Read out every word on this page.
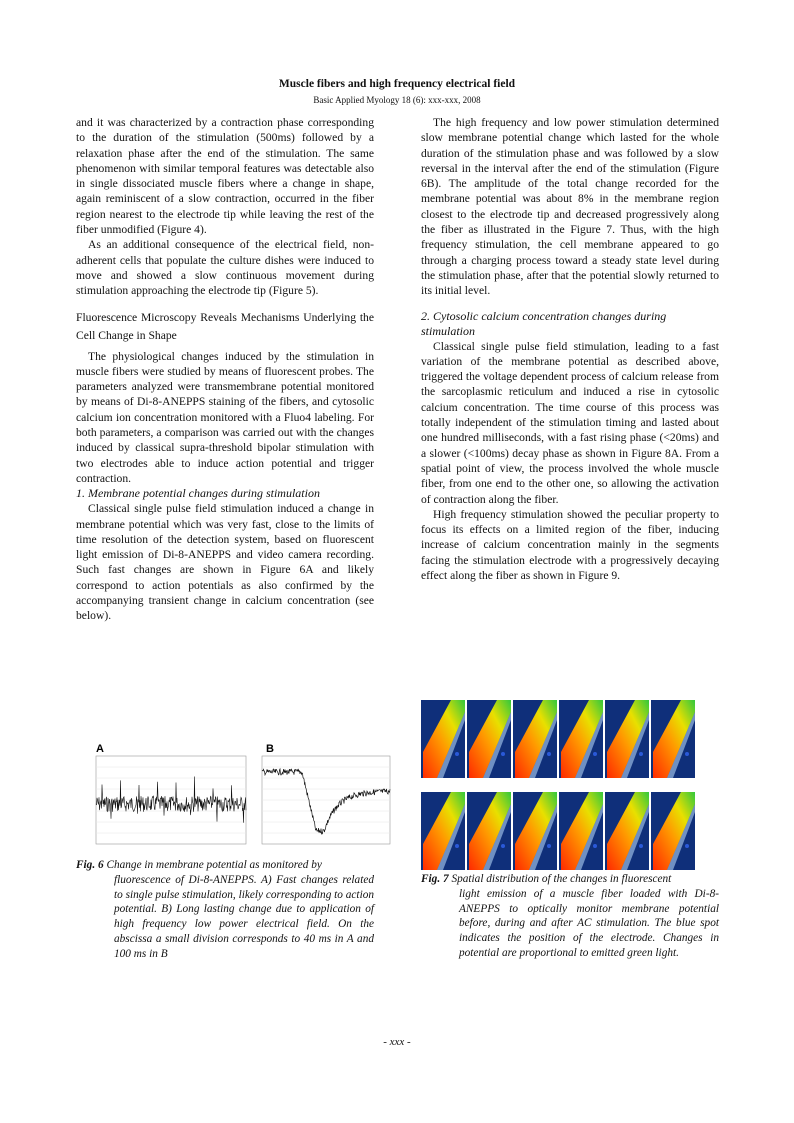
Muscle fibers and high frequency electrical field
Basic Applied Myology 18 (6): xxx-xxx, 2008

and it was characterized by a contraction phase corresponding to the duration of the stimulation (500ms) followed by a relaxation phase after the end of the stimulation. The same phenomenon with similar temporal features was detectable also in single dissociated muscle fibers where a change in shape, again reminiscent of a slow contraction, occurred in the fiber region nearest to the electrode tip while leaving the rest of the fiber unmodified (Figure 4).

As an additional consequence of the electrical field, non-adherent cells that populate the culture dishes were induced to move and showed a slow continuous movement during stimulation approaching the electrode tip (Figure 5).

Fluorescence Microscopy Reveals Mechanisms Underlying the Cell Change in Shape

The physiological changes induced by the stimulation in muscle fibers were studied by means of fluorescent probes. The parameters analyzed were transmembrane potential monitored by means of Di-8-ANEPPS staining of the fibers, and cytosolic calcium ion concentration monitored with a Fluo4 labeling. For both parameters, a comparison was carried out with the changes induced by classical supra-threshold bipolar stimulation with two electrodes able to induce action potential and trigger contraction.

1. Membrane potential changes during stimulation

Classical single pulse field stimulation induced a change in membrane potential which was very fast, close to the limits of time resolution of the detection system, based on fluorescent light emission of Di-8-ANEPPS and video camera recording. Such fast changes are shown in Figure 6A and likely correspond to action potentials as also confirmed by the accompanying transient change in calcium concentration (see below).

The high frequency and low power stimulation determined slow membrane potential change which lasted for the whole duration of the stimulation phase and was followed by a slow reversal in the interval after the end of the stimulation (Figure 6B). The amplitude of the total change recorded for the membrane potential was about 8% in the membrane region closest to the electrode tip and decreased progressively along the fiber as illustrated in the Figure 7. Thus, with the high frequency stimulation, the cell membrane appeared to go through a charging process toward a steady state level during the stimulation phase, after that the potential slowly returned to its initial level.

2. Cytosolic calcium concentration changes during stimulation

Classical single pulse field stimulation, leading to a fast variation of the membrane potential as described above, triggered the voltage dependent process of calcium release from the sarcoplasmic reticulum and induced a rise in cytosolic calcium concentration. The time course of this process was totally independent of the stimulation timing and lasted about one hundred milliseconds, with a fast rising phase (<20ms) and a slower (<100ms) decay phase as shown in Figure 8A. From a spatial point of view, the process involved the whole muscle fiber, from one end to the other one, so allowing the activation of contraction along the fiber.

High frequency stimulation showed the peculiar property to focus its effects on a limited region of the fiber, inducing increase of calcium concentration mainly in the segments facing the stimulation electrode with a progressively decaying effect along the fiber as shown in Figure 9.

A	B
Fig. 6 Change in membrane potential as monitored by
fluorescence of Di-8-ANEPPS. A) Fast changes related to single pulse stimulation, likely corresponding to action potential. B) Long lasting change due to application of high frequency low power electrical field. On the abscissa a small division corresponds to 40 ms in A and 100 ms in B
Fig. 7 Spatial distribution of the changes in fluorescent
light emission of a muscle fiber loaded with Di-8-ANEPPS to optically monitor membrane potential before, during and after AC stimulation. The blue spot indicates the position of the electrode. Changes in potential are proportional to emitted green light.
- xxx -
